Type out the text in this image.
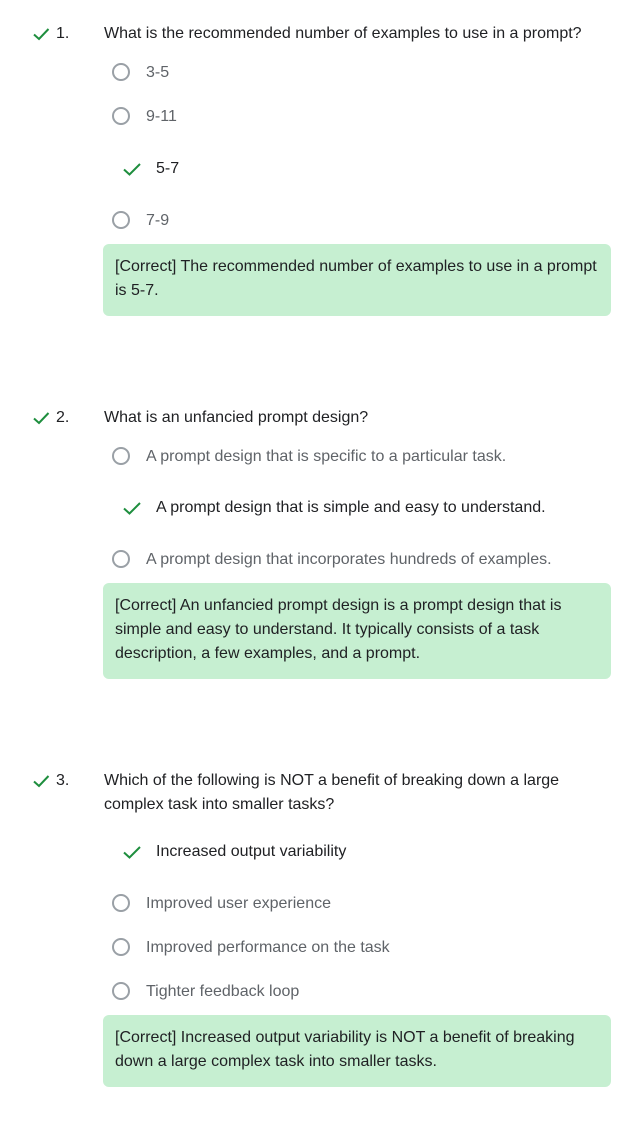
1. What is the recommended number of examples to use in a prompt?
3-5
9-11
5-7
7-9
[Correct] The recommended number of examples to use in a prompt is 5-7.
2. What is an unfancied prompt design?
A prompt design that is specific to a particular task.
A prompt design that is simple and easy to understand.
A prompt design that incorporates hundreds of examples.
[Correct] An unfancied prompt design is a prompt design that is simple and easy to understand. It typically consists of a task description, a few examples, and a prompt.
3. Which of the following is NOT a benefit of breaking down a large complex task into smaller tasks?
Increased output variability
Improved user experience
Improved performance on the task
Tighter feedback loop
[Correct] Increased output variability is NOT a benefit of breaking down a large complex task into smaller tasks.
